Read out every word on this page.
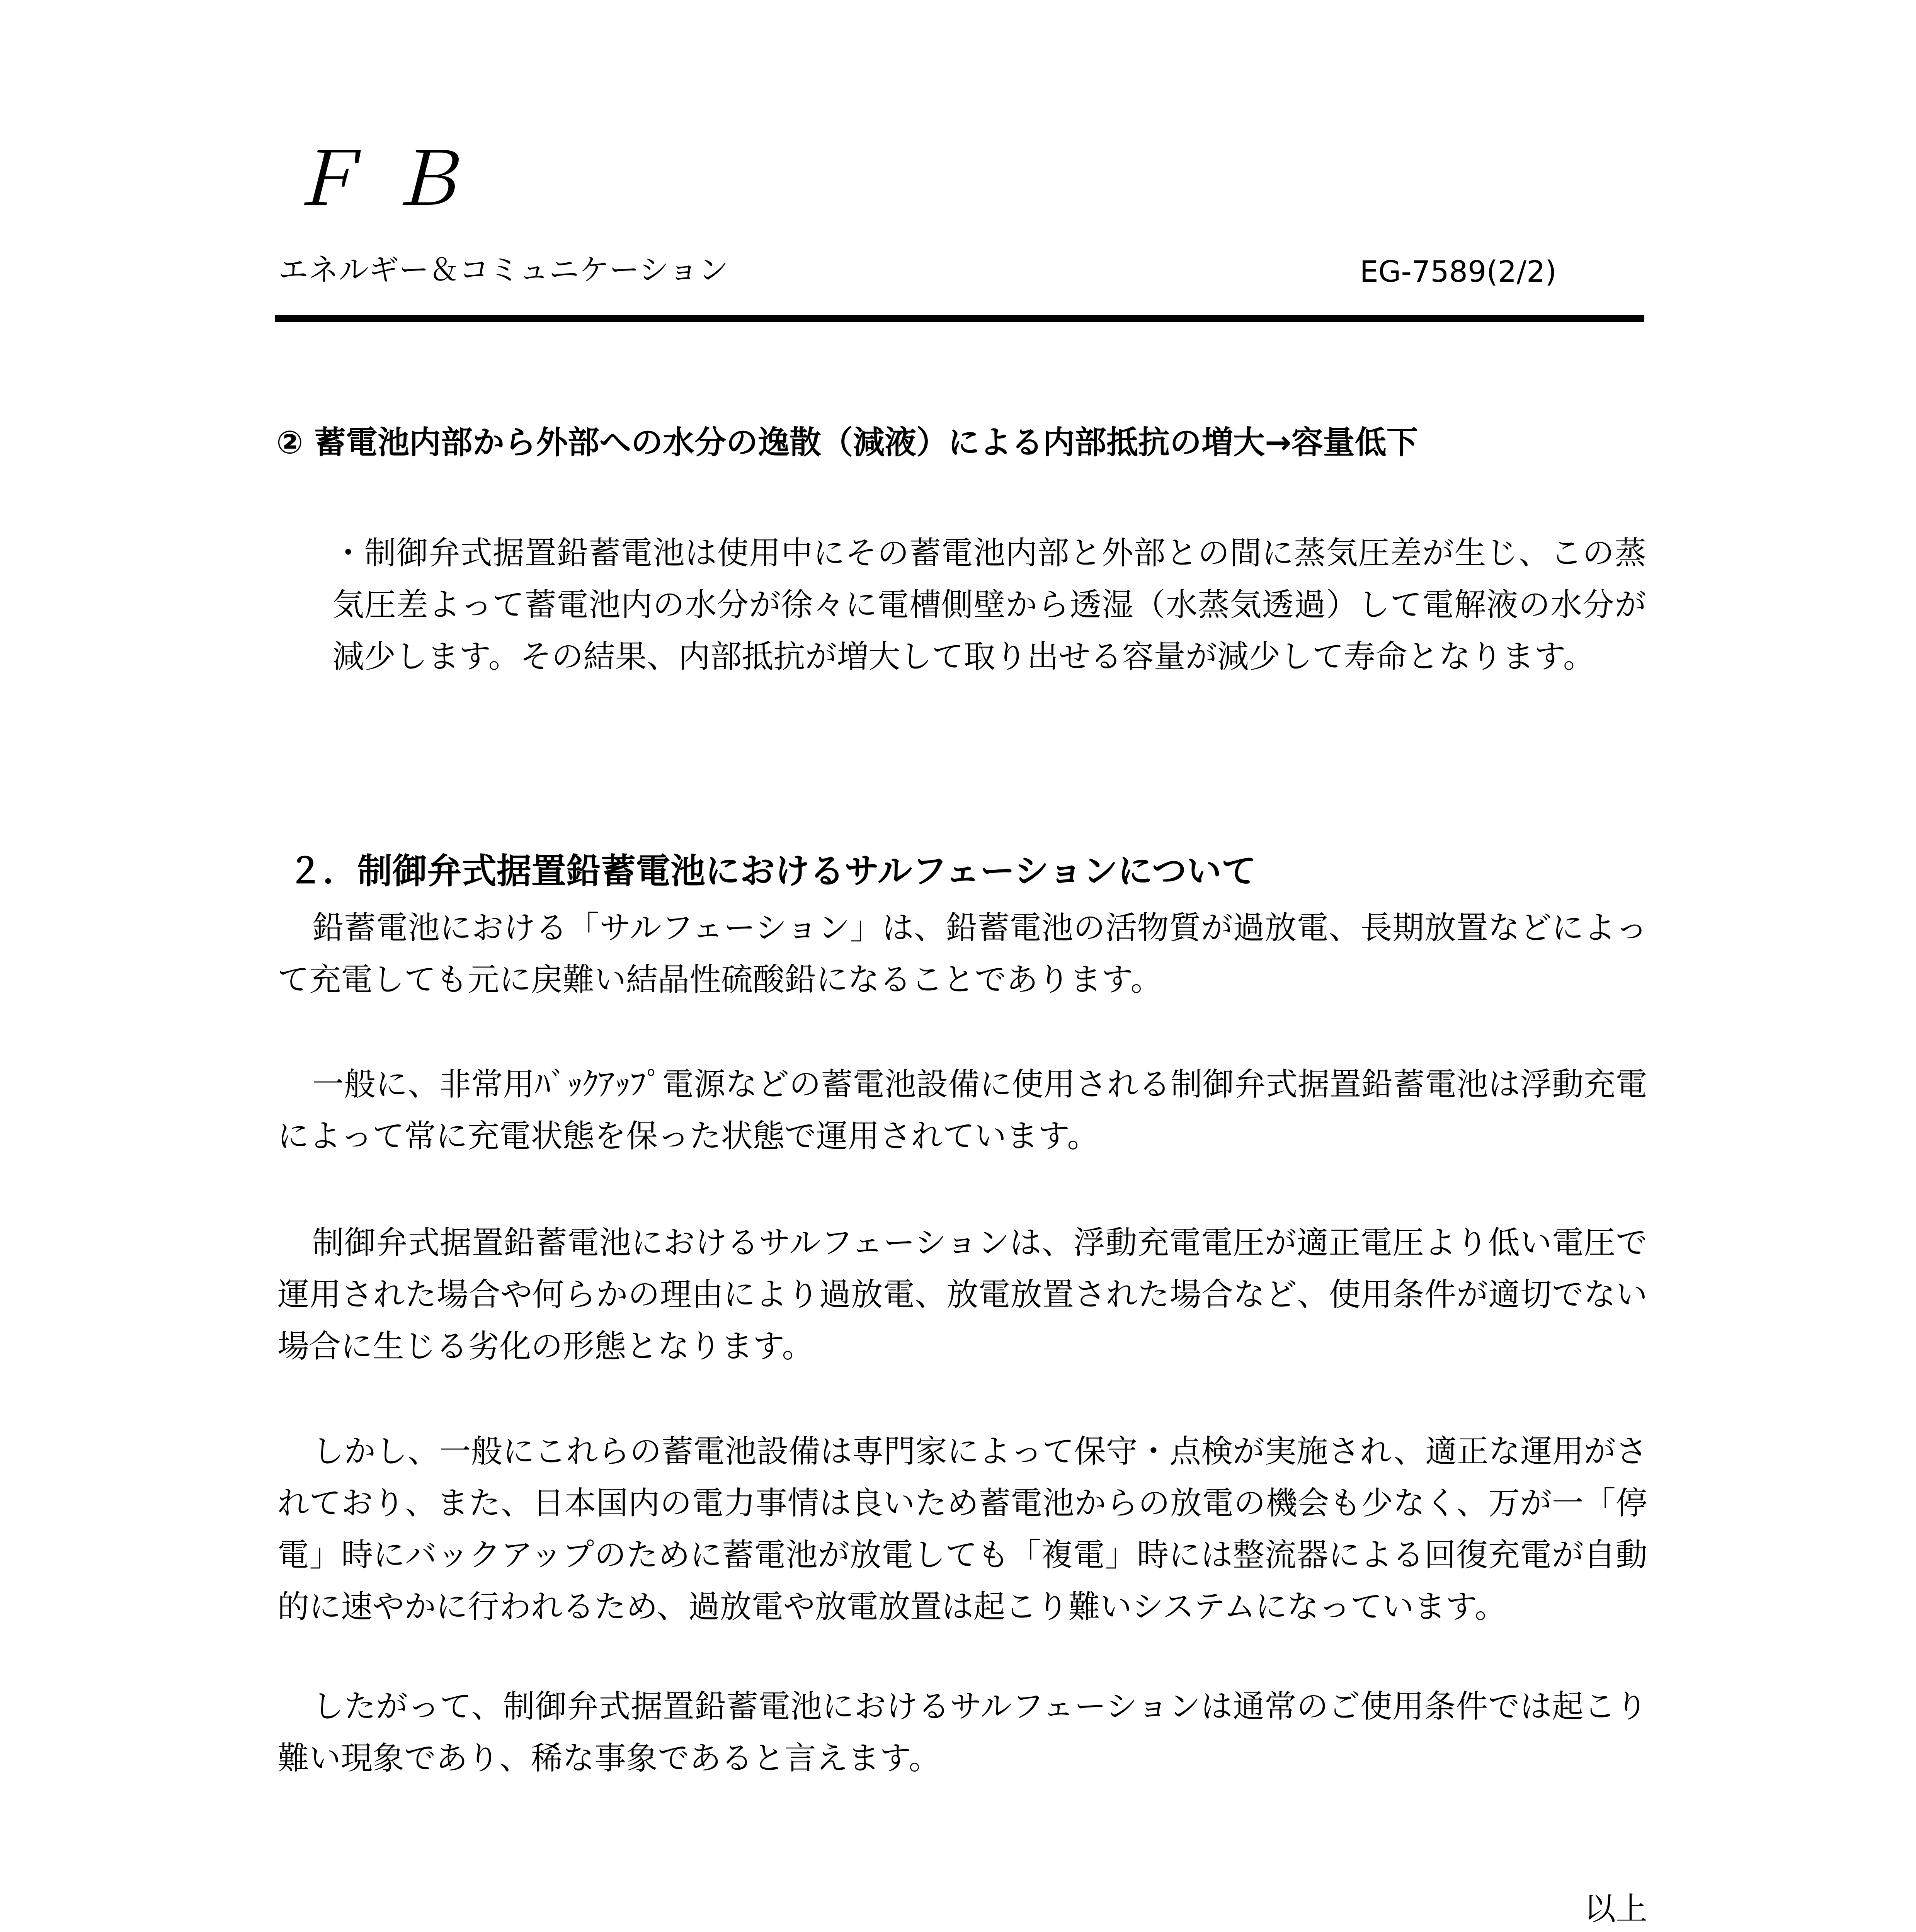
ＦＢ
エネルギー＆コミュニケーション	EG-7589(2/2)
② 蓄電池内部から外部への水分の逸散（減液）による内部抵抗の増大→容量低下
・制御弁式据置鉛蓄電池は使用中にその蓄電池内部と外部との間に蒸気圧差が生じ、この蒸気圧差よって蓄電池内の水分が徐々に電槽側壁から透湿（水蒸気透過）して電解液の水分が減少します。その結果、内部抵抗が増大して取り出せる容量が減少して寿命となります。
２．制御弁式据置鉛蓄電池におけるサルフェーションについて
鉛蓄電池における「サルフェーション」は、鉛蓄電池の活物質が過放電、長期放置などによって充電しても元に戻難い結晶性硫酸鉛になることであります。
一般に、非常用ﾊﾞｯｸｱｯﾌﾟ電源などの蓄電池設備に使用される制御弁式据置鉛蓄電池は浮動充電によって常に充電状態を保った状態で運用されています。
制御弁式据置鉛蓄電池におけるサルフェーションは、浮動充電電圧が適正電圧より低い電圧で運用された場合や何らかの理由により過放電、放電放置された場合など、使用条件が適切でない場合に生じる劣化の形態となります。
しかし、一般にこれらの蓄電池設備は専門家によって保守・点検が実施され、適正な運用がされており、また、日本国内の電力事情は良いため蓄電池からの放電の機会も少なく、万が一「停電」時にバックアップのために蓄電池が放電しても「複電」時には整流器による回復充電が自動的に速やかに行われるため、過放電や放電放置は起こり難いシステムになっています。
したがって、制御弁式据置鉛蓄電池におけるサルフェーションは通常のご使用条件では起こり難い現象であり、稀な事象であると言えます。
以上
